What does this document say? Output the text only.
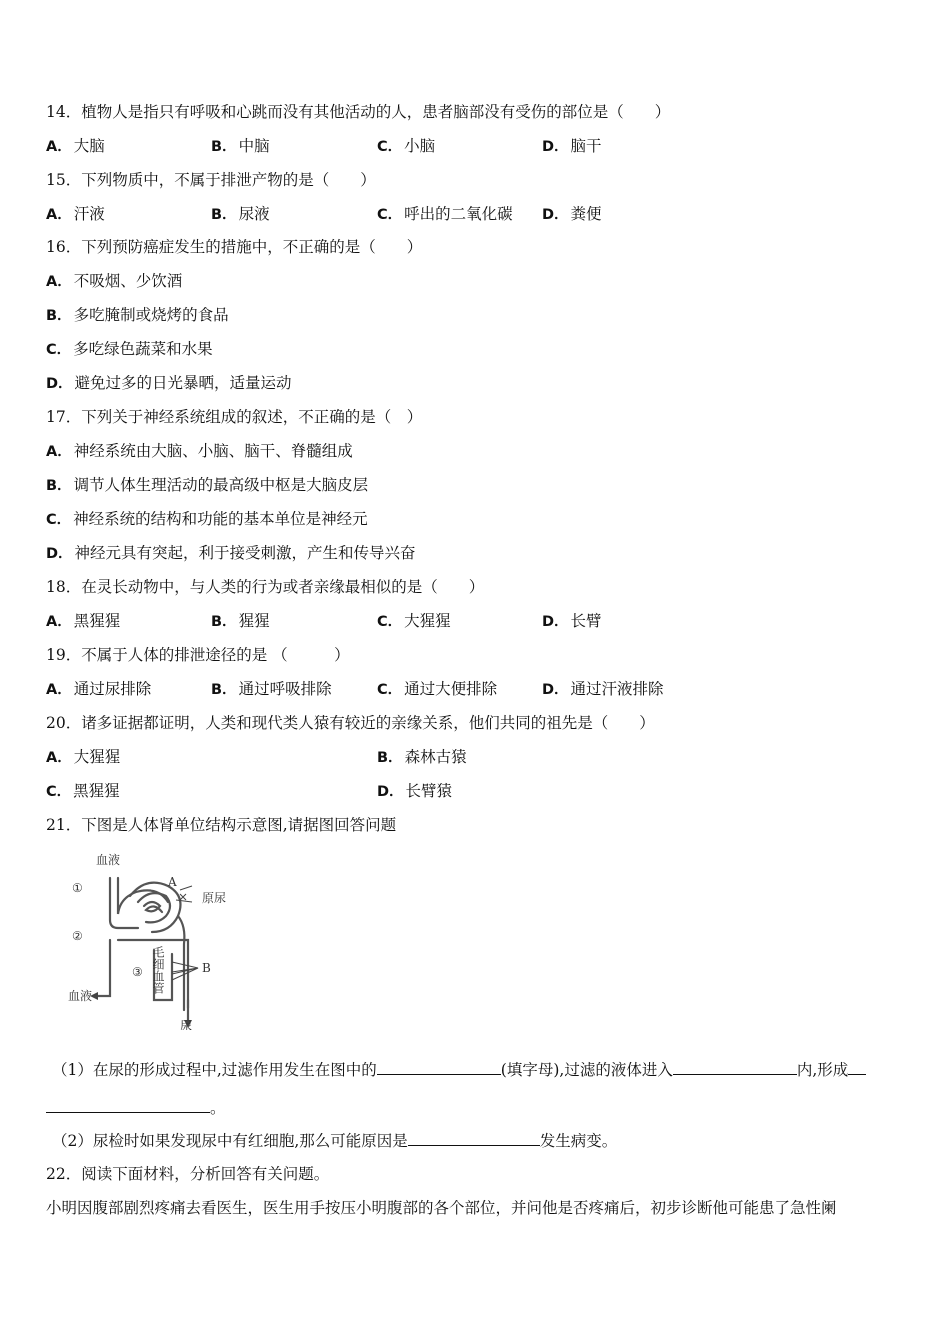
14．植物人是指只有呼吸和心跳而没有其他活动的人，患者脑部没有受伤的部位是（　　）
A． 大脑	B． 中脑	C． 小脑	D． 脑干
15．下列物质中，不属于排泄产物的是（　　）
A． 汗液	B． 尿液	C． 呼出的二氧化碳 D． 粪便
16．下列预防癌症发生的措施中，不正确的是（　　）
A． 不吸烟、少饮酒
B． 多吃腌制或烧烤的食品
C． 多吃绿色蔬菜和水果
D． 避免过多的日光暴晒，适量运动
17．下列关于神经系统组成的叙述，不正确的是（　）
A． 神经系统由大脑、小脑、脑干、脊髓组成
B． 调节人体生理活动的最高级中枢是大脑皮层
C． 神经系统的结构和功能的基本单位是神经元
D． 神经元具有突起，利于接受刺激，产生和传导兴奋
18．在灵长动物中，与人类的行为或者亲缘最相似的是（　　）
A． 黑猩猩	B． 猩猩	C． 大猩猩	D． 长臂
19．不属于人体的排泄途径的是 （　　　）
A． 通过尿排除	B． 通过呼吸排除	C． 通过大便排除	D． 通过汗液排除
20．诸多证据都证明，人类和现代类人猿有较近的亲缘关系，他们共同的祖先是（　　）
A． 大猩猩	B． 森林古猿
C． 黑猩猩	D． 长臂猿
21．下图是人体肾单位结构示意图,请据图回答问题
血液
①
②
③
A
原尿
B
血液
尿
毛细血管
（1）在尿的形成过程中,过滤作用发生在图中的	(填字母),过滤的液体进入	内,形成
。
（2）尿检时如果发现尿中有红细胞,那么可能原因是	发生病变。
22．阅读下面材料，分析回答有关问题。
小明因腹部剧烈疼痛去看医生，医生用手按压小明腹部的各个部位，并问他是否疼痛后，初步诊断他可能患了急性阑
